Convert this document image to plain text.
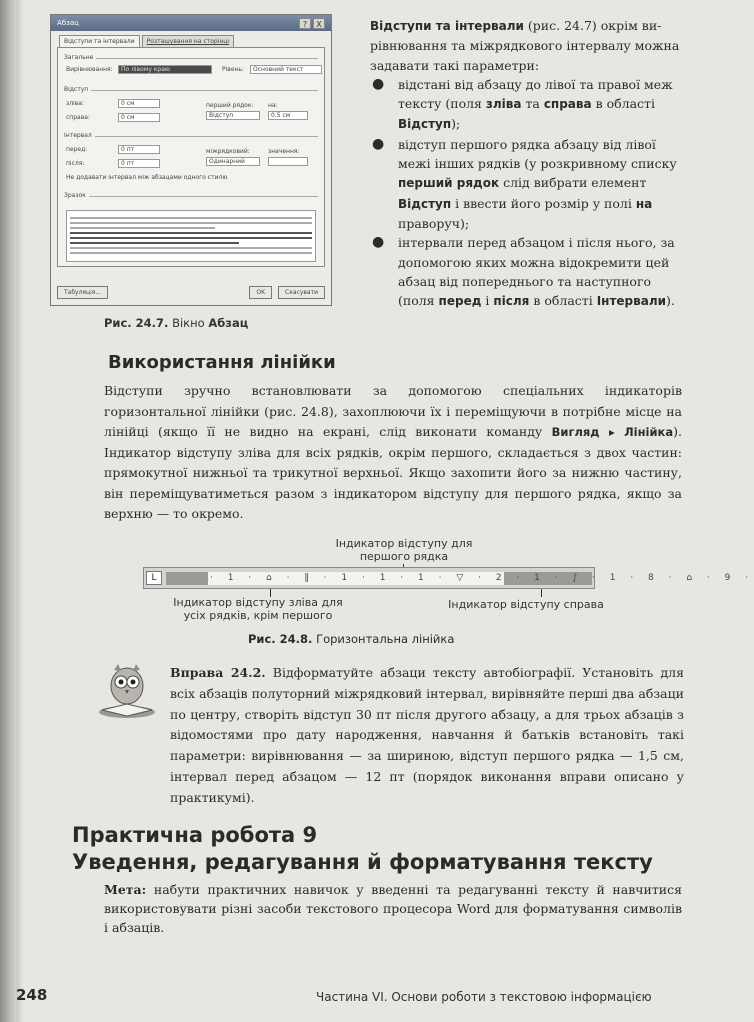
Абзац	?	X
Відступи та інтервали	Розташування на сторінці
Загальне
Вирівнювання:	По лівому краю	Рівень:	Основний текст
Відступ
зліва:	0 см
справа:	0 см
перший рядок:
Відступ
на:
0,5 см
Інтервал
перед:	0 пт
після:	0 пт
міжрядковий:
Одинарний
значення:
Не додавати інтервал між абзацами одного стилю
Зразок
Табуляція...	OK	Скасувати
Рис. 24.7. Вікно Абзац
Відступи та інтервали (рис. 24.7) окрім вирівнювання та міжрядкового інтервалу можна задавати такі параметри:
● відстані від абзацу до лівої та правої меж тексту (поля зліва та справа в області Відступ);
● відступ першого рядка абзацу від лівої межі інших рядків (у розкривному списку перший рядок слід вибрати елемент Відступ і ввести його розмір у полі на праворуч);
● інтервали перед абзацом і після нього, за допомогою яких можна відокремити цей абзац від попереднього та наступного (поля перед і після в області Інтервали).
Використання лінійки
Відступи зручно встановлювати за допомогою спеціальних індикаторів горизонтальної лінійки (рис. 24.8), захоплюючи їх і переміщуючи в потрібне місце на лінійці (якщо її не видно на екрані, слід виконати команду Вигляд ▸ Лінійка). Індикатор відступу зліва для всіх рядків, окрім першого, складається з двох частин: прямокутної нижньої та трикутної верхньої. Якщо захопити його за нижню частину, він переміщуватиметься разом з індикатором відступу для першого рядка, якщо за верхню — то окремо.
Індикатор відступу для першого рядка
L	· 1 · ⌂ · ‖ · 1 · 1 · 1 · ▽ · 2 · 1 · ∫ · 1 · 8 · ⌂ · 9 ·
Індикатор відступу зліва для усіх рядків, крім першого
Індикатор відступу справа
Рис. 24.8. Горизонтальна лінійка
Вправа 24.2. Відформатуйте абзаци тексту автобіографії. Установіть для всіх абзаців полуторний міжрядковий інтервал, вирівняйте перші два абзаци по центру, створіть відступ 30 пт після другого абзацу, а для трьох абзаців з відомостями про дату народження, навчання й батьків встановіть такі параметри: вирівнювання — за шириною, відступ першого рядка — 1,5 см, інтервал перед абзацом — 12 пт (порядок виконання вправи описано у практикумі).
Практична робота 9
Уведення, редагування й форматування тексту
Мета: набути практичних навичок у введенні та редагуванні тексту й навчитися використовувати різні засоби текстового процесора Word для форматування символів і абзаців.
248	Частина VI. Основи роботи з текстовою інформацією
